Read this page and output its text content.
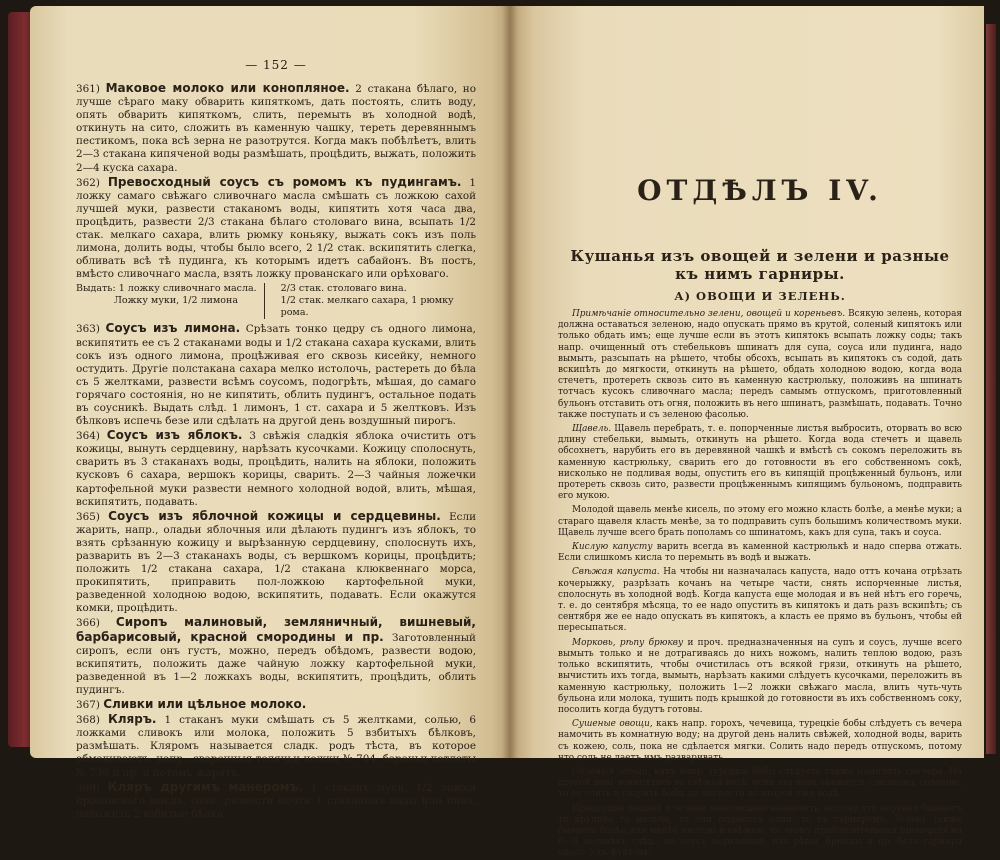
— 152 —

361) Маковое молоко или конопляное. 2 стакана бѣлаго, но лучше сѣраго маку обварить кипяткомъ, дать постоять, слить воду, опять обварить кипяткомъ, слить, перемыть въ холодной водѣ, откинуть на сито, сложить въ каменную чашку, тереть деревяннымъ пестикомъ, пока всѣ зерна не разотрутся. Когда макъ побѣлѣетъ, влить 2—3 стакана кипяченой воды размѣшать, процѣдить, выжать, положить 2—4 куска сахара.

362) Превосходный соусъ съ ромомъ къ пудингамъ. 1 ложку самаго свѣжаго сливочнаго масла смѣшать съ ложкою сахой лучшей муки, развести стаканомъ воды, кипятить хотя часа два, процѣдить, развести 2/3 стакана бѣлаго столоваго вина, всыпать 1/2 стак. мелкаго сахара, влить рюмку коньяку, выжать сокъ изъ поль лимона, долить воды, чтобы было всего, 2 1/2 стак. вскипятить слегка, обливать всѣ тѣ пудинга, къ которымъ идетъ сабайонъ. Въ постъ, вмѣсто сливочнаго масла, взять ложку прованскаго или орѣховаго.

Выдать: 1 ложку сливочнаго масла.
Ложку муки, 1/2 лимона
2/3 стак. столоваго вина.
1/2 стак. мелкаго сахара, 1 рюмку рома.

363) Соусъ изъ лимона. Срѣзать тонко цедру съ одного лимона, вскипятить ее съ 2 стаканами воды и 1/2 стакана сахара кусками, влить сокъ изъ одного лимона, процѣживая его сквозь кисейку, немного остудить. Другіе полстакана сахара мелко истолочь, растереть до бѣла съ 5 желтками, развести всѣмъ соусомъ, подогрѣть, мѣшая, до самаго горячаго состоянія, но не кипятить, облить пудингъ, остальное подать въ соусникѣ. Выдать слѣд. 1 лимонъ, 1 ст. сахара и 5 желтковъ. Изъ бѣлковъ испечь безе или сдѣлать на другой день воздушный пирогъ.

364) Соусъ изъ яблокъ. 3 свѣжія сладкія яблока очистить отъ кожицы, вынуть сердцевину, нарѣзать кусочками. Кожицу сполоснуть, сварить въ 3 стаканахъ воды, процѣдить, налить на яблоки, положить кусковъ 6 сахара, вершокъ корицы, сварить. 2—3 чайныя ложечки картофельной муки развести немного холодной водой, влить, мѣшая, вскипятить, подавать.

365) Соусъ изъ яблочной кожицы и сердцевины. Если жарить, напр., оладьи яблочныя или дѣлають пудингъ изъ яблокъ, то взять срѣзанную кожицу и вырѣзанную сердцевину, сполоснуть ихъ, разварить въ 2—3 стаканахъ воды, съ вершкомъ корицы, процѣдить; положить 1/2 стакана сахара, 1/2 стакана клюквеннаго морса, прокипятить, приправить пол-ложкою картофельной муки, разведенной холодною водою, вскипятить, подавать. Если окажутся комки, процѣдить.

366) Сиропъ малиновый, земляничный, вишневый, барбарисовый, красной смородины и пр. Заготовленный сиропъ, если онъ густъ, можно, передъ обѣдомъ, развести водою, вскипятить, положить даже чайную ложку картофельной муки, разведенной въ 1—2 ложкахъ воды, вскипятить, процѣдить, облить пудингъ.

367) Сливки или цѣльное молоко.

368) Кляръ. 1 стаканъ муки смѣшать съ 5 желтками, солью, 6 ложками сливокъ или молока, положить 5 взбитыхъ бѣлковъ, размѣшать. Кляромъ называется сладк. родъ тѣста, въ которое обмакиваютъ, напр., сваренныя телячьи ножки № 704, бараньи котлеты № 736 и пр. и потомъ жарятъ.

369) Кляръ другимъ манеромъ. 1 стаканъ муки, 1/2 ложки прованскаго масла, соли, развести почти 1 стаканомъ воды или пива, положить 2 взбитые бѣлка.

ОТДѢЛЪ IV.
Кушанья изъ овощей и зелени и разные къ нимъ гарниры.
А) ОВОЩИ И ЗЕЛЕНЬ.

Примѣчаніе относительно зелени, овощей и кореньевъ. Всякую зелень, которая должна оставаться зеленою, надо опускать прямо въ крутой, соленый кипятокъ или только обдать имъ; еще лучше если въ этотъ кипятокъ всыпать ложку соды; такъ напр. очищенный отъ стебельковъ шпинатъ для супа, соуса или пудинга, надо вымыть, разсыпать на рѣшето, чтобы обсохъ, всыпать въ кипятокъ съ содой, дать вскипѣть до мягкости, откинуть на рѣшето, обдать холодною водою, когда вода стечетъ, протереть сквозь сито въ каменную кастрюльку, положивъ на шпинатъ тотчасъ кусокъ сливочнаго масла; передъ самымъ отпускомъ, приготовленный бульонъ отставить отъ огня, положить въ него шпинатъ, размѣшать, подавать. Точно также поступать и съ зеленою фасолью.

Щавель. Щавель перебрать, т. е. попорченные листья выбросить, оторвать во всю длину стебельки, вымыть, откинуть на рѣшето. Когда вода стечетъ и щавель обсохнетъ, нарубить его въ деревянной чашкѣ и вмѣстѣ съ сокомъ переложить въ каменную кастрюльку, сварить его до готовности въ его собственномъ сокѣ, нисколько не подливая воды, опустить его въ кипящій процѣженный бульонъ, или протереть сквозь сито, развести процѣженнымъ кипящимъ бульономъ, подправить его мукою.

Молодой щавель менѣе кисель, по этому его можно класть болѣе, а менѣе муки; а стараго щавеля класть менѣе, за то подправить супъ большимъ количествомъ муки. Щавель лучше всего брать пополамъ со шпинатомъ, какъ для супа, такъ и соуса.

Кислую капусту варить всегда въ каменной кастрюлькѣ и надо сперва отжать. Если слишкомъ кисла то перемыть въ водѣ и выжать.

Свѣжая капуста. На чтобы ни назначалась капуста, надо оттъ кочана отрѣзать кочерыжку, разрѣзать кочанъ на четыре части, снять испорченные листья, сполоснуть въ холодной водѣ. Когда капуста еще молодая и въ ней нѣтъ его горечь, т. е. до сентября мѣсяца, то ее надо опустить въ кипятокъ и дать разъ вскипѣть; съ сентября же ее надо опускать въ кипятокъ, а класть ее прямо въ бульонъ, чтобы ей пересыпаться.

Морковь, рѣпу брюкву и проч. предназначенныя на супъ и соусъ, лучше всего вымыть только и не дотрагиваясь до нихъ ножомъ, налить теплою водою, разъ только вскипятить, чтобы очистилась отъ всякой грязи, откинуть на рѣшето, вычистить ихъ тогда, вымыть, нарѣзать какими слѣдуетъ кусочками, переложить въ каменную кастрюльку, положить 1—2 ложки свѣжаго масла, влить чуть-чуть бульона или молока, тушить подъ крышкой до готовности въ ихъ собственномъ соку, посолить когда будутъ готовы.

Сушеные овощи, какъ напр. горохъ, чечевица, турецкіе бобы слѣдуетъ съ вечера намочить въ комнатную воду; на другой день налить свѣжей, холодной воды, варить съ кожею, соль, пока не сдѣлается мягки. Солить надо передъ отпускомъ, потому что соль не даетъ имъ разваривать.

Соленыя овощи, какъ напр. турецкіе бобы слѣдуетъ также намочить свечера. На другой день вскипятить въ свѣжей водѣ, если эта вода окажется слишкомъ соленою, то ее слить и сварить бобы до мягкости во второй уже водѣ.

Пропорцію овощей и зелени невозможно назначить, потому что коренья бываютъ то крупнѣе то мельче, то они подаются одни, то съ гарниромъ. Зелень также бываетъ болѣе или менѣе чистою и свѣжею, по этому приблизительная пропорція на 6—8 человѣкъ слѣд.: на соусъ морковный, изъ рѣпы, брюквы и пр. безъ гарнира около 3-хъ фунтовъ.
